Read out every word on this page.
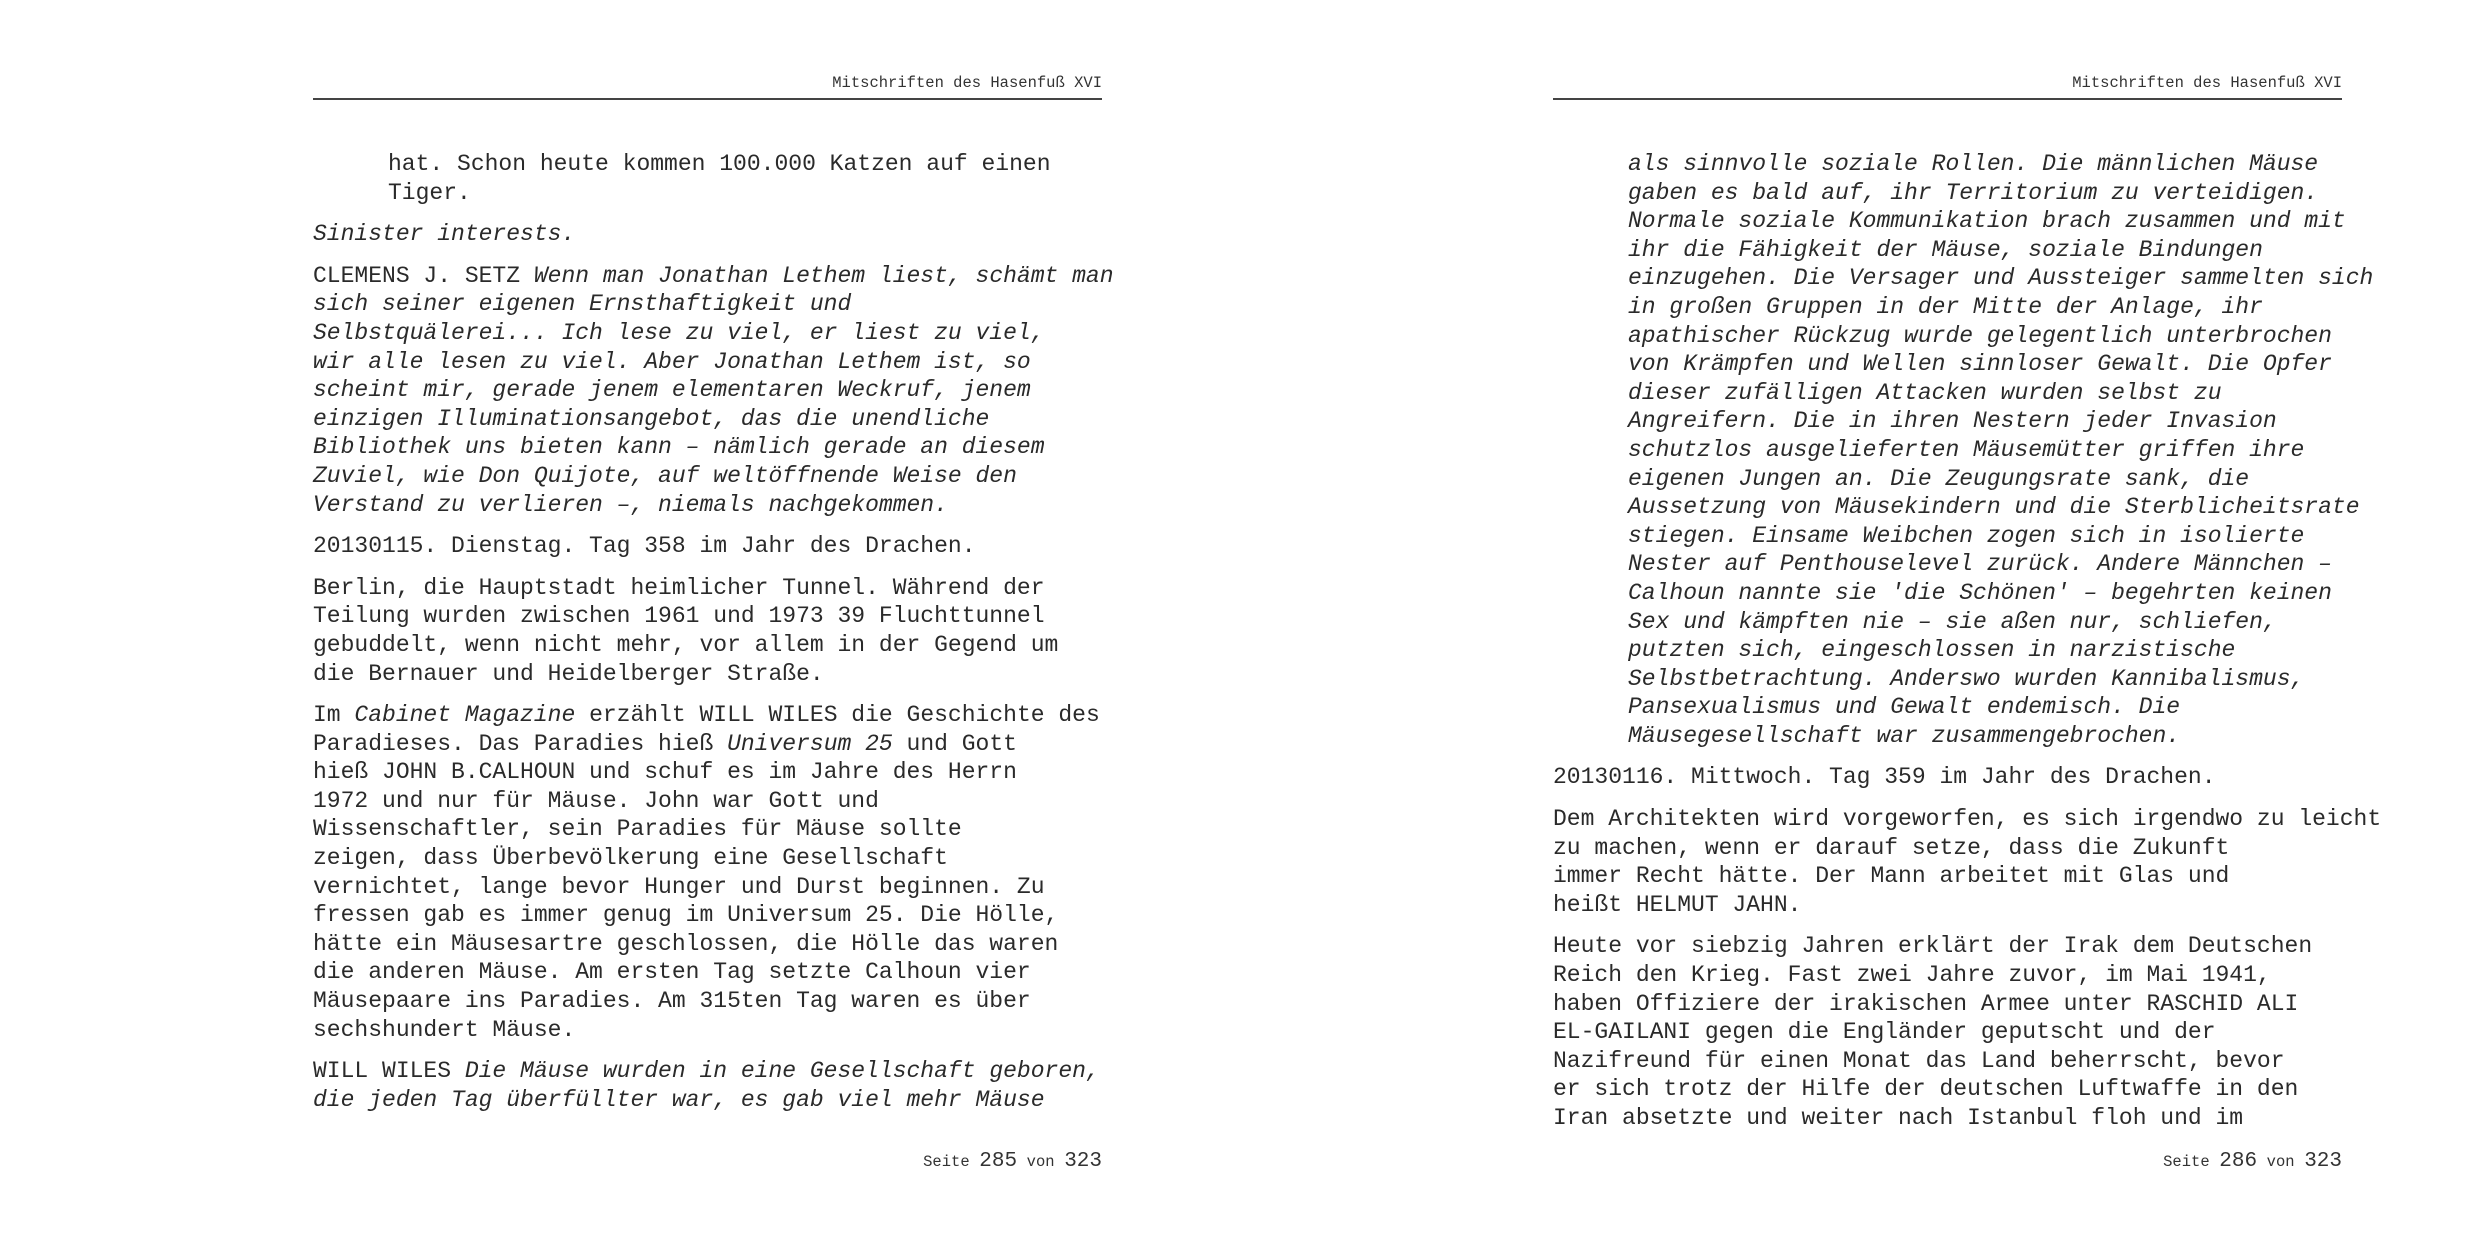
Mitschriften des Hasenfuß XVI
hat. Schon heute kommen 100.000 Katzen auf einen
Tiger.
Sinister interests.
CLEMENS J. SETZ Wenn man Jonathan Lethem liest, schämt man
sich seiner eigenen Ernsthaftigkeit und
Selbstquälerei... Ich lese zu viel, er liest zu viel,
wir alle lesen zu viel. Aber Jonathan Lethem ist, so
scheint mir, gerade jenem elementaren Weckruf, jenem
einzigen Illuminationsangebot, das die unendliche
Bibliothek uns bieten kann – nämlich gerade an diesem
Zuviel, wie Don Quijote, auf weltöffnende Weise den
Verstand zu verlieren –, niemals nachgekommen.
20130115. Dienstag. Tag 358 im Jahr des Drachen.
Berlin, die Hauptstadt heimlicher Tunnel. Während der
Teilung wurden zwischen 1961 und 1973 39 Fluchttunnel
gebuddelt, wenn nicht mehr, vor allem in der Gegend um
die Bernauer und Heidelberger Straße.
Im Cabinet Magazine erzählt WILL WILES die Geschichte des
Paradieses. Das Paradies hieß Universum 25 und Gott
hieß JOHN B.CALHOUN und schuf es im Jahre des Herrn
1972 und nur für Mäuse. John war Gott und
Wissenschaftler, sein Paradies für Mäuse sollte
zeigen, dass Überbevölkerung eine Gesellschaft
vernichtet, lange bevor Hunger und Durst beginnen. Zu
fressen gab es immer genug im Universum 25. Die Hölle,
hätte ein Mäusesartre geschlossen, die Hölle das waren
die anderen Mäuse. Am ersten Tag setzte Calhoun vier
Mäusepaare ins Paradies. Am 315ten Tag waren es über
sechshundert Mäuse.
WILL WILES Die Mäuse wurden in eine Gesellschaft geboren,
die jeden Tag überfüllter war, es gab viel mehr Mäuse
Seite 285 von 323
Mitschriften des Hasenfuß XVI
als sinnvolle soziale Rollen. Die männlichen Mäuse
gaben es bald auf, ihr Territorium zu verteidigen.
Normale soziale Kommunikation brach zusammen und mit
ihr die Fähigkeit der Mäuse, soziale Bindungen
einzugehen. Die Versager und Aussteiger sammelten sich
in großen Gruppen in der Mitte der Anlage, ihr
apathischer Rückzug wurde gelegentlich unterbrochen
von Krämpfen und Wellen sinnloser Gewalt. Die Opfer
dieser zufälligen Attacken wurden selbst zu
Angreifern. Die in ihren Nestern jeder Invasion
schutzlos ausgelieferten Mäusemütter griffen ihre
eigenen Jungen an. Die Zeugungsrate sank, die
Aussetzung von Mäusekindern und die Sterblicheitsrate
stiegen. Einsame Weibchen zogen sich in isolierte
Nester auf Penthouselevel zurück. Andere Männchen –
Calhoun nannte sie 'die Schönen' – begehrten keinen
Sex und kämpften nie – sie aßen nur, schliefen,
putzten sich, eingeschlossen in narzistische
Selbstbetrachtung. Anderswo wurden Kannibalismus,
Pansexualismus und Gewalt endemisch. Die
Mäusegesellschaft war zusammengebrochen.
20130116. Mittwoch. Tag 359 im Jahr des Drachen.
Dem Architekten wird vorgeworfen, es sich irgendwo zu leicht
zu machen, wenn er darauf setze, dass die Zukunft
immer Recht hätte. Der Mann arbeitet mit Glas und
heißt HELMUT JAHN.
Heute vor siebzig Jahren erklärt der Irak dem Deutschen
Reich den Krieg. Fast zwei Jahre zuvor, im Mai 1941,
haben Offiziere der irakischen Armee unter RASCHID ALI
EL-GAILANI gegen die Engländer geputscht und der
Nazifreund für einen Monat das Land beherrscht, bevor
er sich trotz der Hilfe der deutschen Luftwaffe in den
Iran absetzte und weiter nach Istanbul floh und im
Seite 286 von 323
